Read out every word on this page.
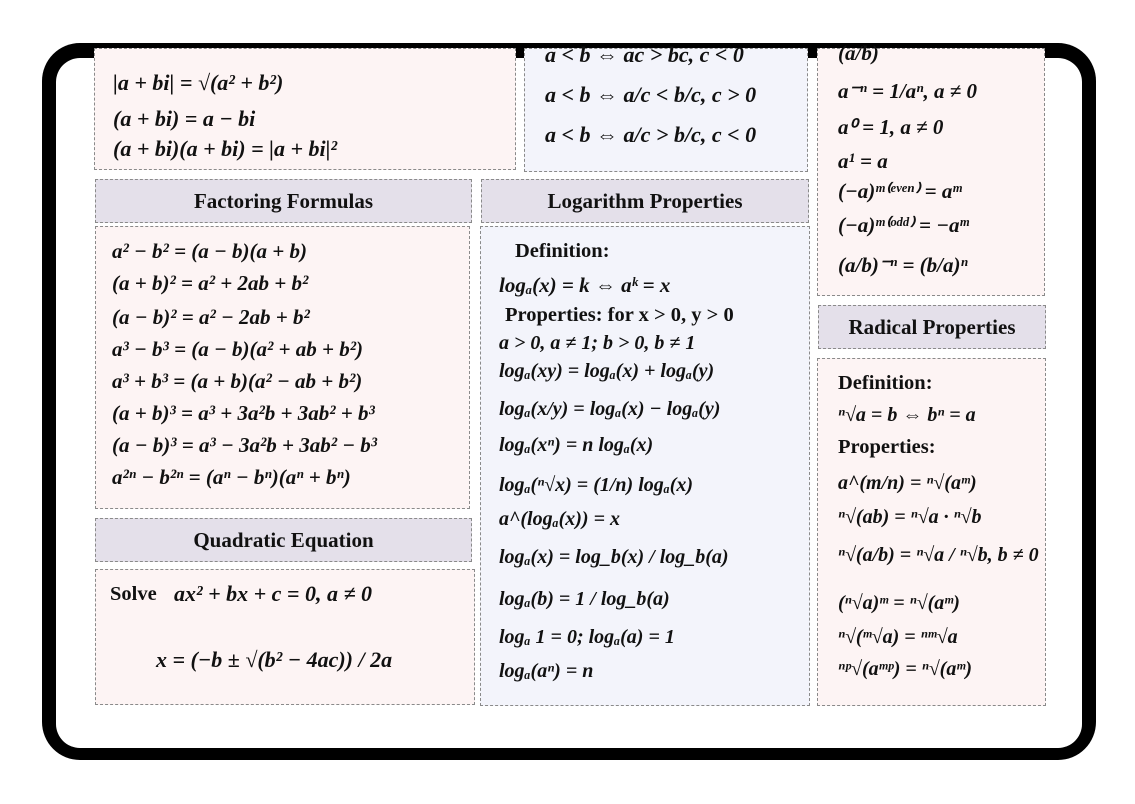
|a + bi| = √(a² + b²)
(a + bi) = a − bi
(a + bi)(a + bi) = |a + bi|²
a < b ⇔ ac > bc, c < 0
a < b ⇔ a/c < b/c, c > 0
a < b ⇔ a/c > b/c, c < 0
(a/b)
a⁻ⁿ = 1/aⁿ, a ≠ 0
a⁰ = 1, a ≠ 0
a¹ = a
(−a)ᵐ⁽ᵉᵛᵉⁿ⁾ = aᵐ
(−a)ᵐ⁽ᵒᵈᵈ⁾ = −aᵐ
(a/b)⁻ⁿ = (b/a)ⁿ
Factoring Formulas
a² − b² = (a − b)(a + b)
(a + b)² = a² + 2ab + b²
(a − b)² = a² − 2ab + b²
a³ − b³ = (a − b)(a² + ab + b²)
a³ + b³ = (a + b)(a² − ab + b²)
(a + b)³ = a³ + 3a²b + 3ab² + b³
(a − b)³ = a³ − 3a²b + 3ab² − b³
a²ⁿ − b²ⁿ = (aⁿ − bⁿ)(aⁿ + bⁿ)
Quadratic Equation
Solve ax² + bx + c = 0, a ≠ 0
x = (−b ± √(b² − 4ac)) / 2a
Logarithm Properties
Definition:
logₐ(x) = k ⇔ aᵏ = x
Properties: for x > 0, y > 0
a > 0, a ≠ 1; b > 0, b ≠ 1
logₐ(xy) = logₐ(x) + logₐ(y)
logₐ(x/y) = logₐ(x) − logₐ(y)
logₐ(xⁿ) = n logₐ(x)
logₐ(ⁿ√x) = (1/n) logₐ(x)
a^(logₐ(x)) = x
logₐ(x) = log_b(x) / log_b(a)
logₐ(b) = 1 / log_b(a)
logₐ 1 = 0; logₐ(a) = 1
logₐ(aⁿ) = n
Radical Properties
Definition:
ⁿ√a = b ⇔ bⁿ = a
Properties:
a^(m/n) = ⁿ√(aᵐ)
ⁿ√(ab) = ⁿ√a · ⁿ√b
ⁿ√(a/b) = ⁿ√a / ⁿ√b, b ≠ 0
(ⁿ√a)ᵐ = ⁿ√(aᵐ)
ⁿ√(ᵐ√a) = ⁿᵐ√a
ⁿᵖ√(aᵐᵖ) = ⁿ√(aᵐ)
